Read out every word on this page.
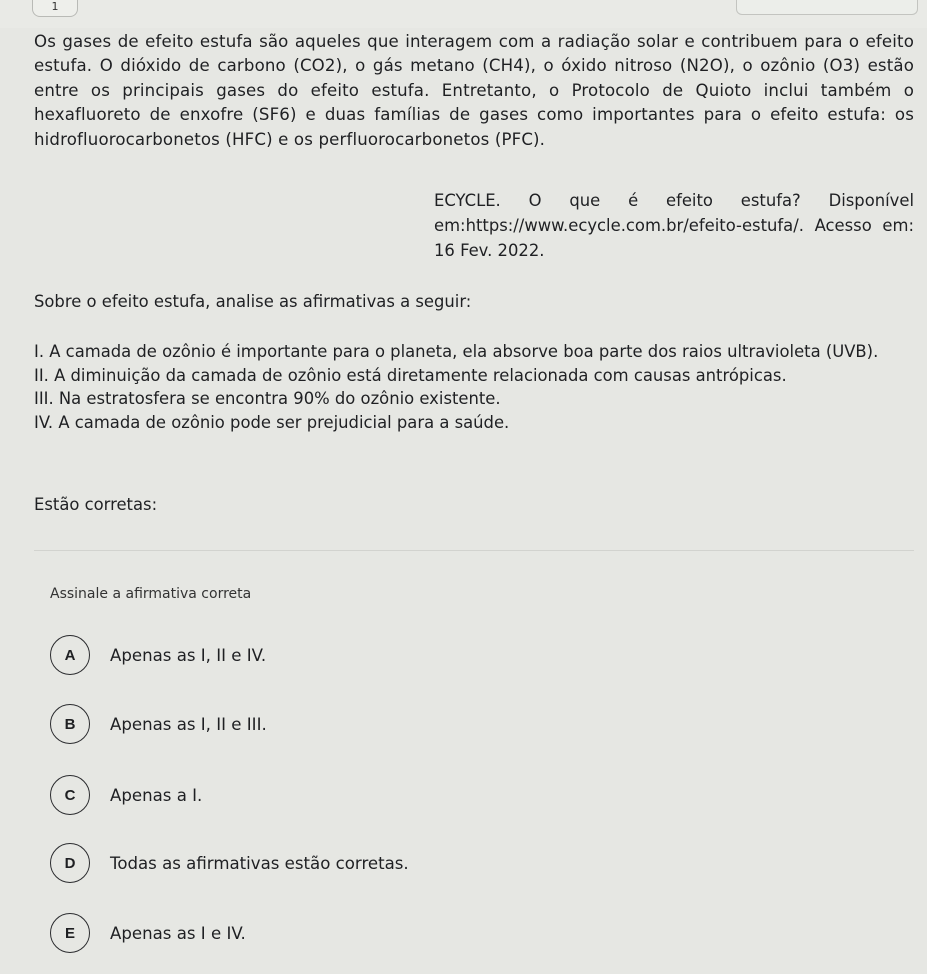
1
Os gases de efeito estufa são aqueles que interagem com a radiação solar e contribuem para o efeito estufa. O dióxido de carbono (CO2), o gás metano (CH4), o óxido nitroso (N2O), o ozônio (O3) estão entre os principais gases do efeito estufa. Entretanto, o Protocolo de Quioto inclui também o hexafluoreto de enxofre (SF6) e duas famílias de gases como importantes para o efeito estufa: os hidrofluorocarbonetos (HFC) e os perfluorocarbonetos (PFC).
ECYCLE. O que é efeito estufa? Disponível em:https://www.ecycle.com.br/efeito-estufa/. Acesso em: 16 Fev. 2022.
Sobre o efeito estufa, analise as afirmativas a seguir:

I. A camada de ozônio é importante para o planeta, ela absorve boa parte dos raios ultravioleta (UVB).

II. A diminuição da camada de ozônio está diretamente relacionada com causas antrópicas.

III. Na estratosfera se encontra 90% do ozônio existente.

IV. A camada de ozônio pode ser prejudicial para a saúde.

Estão corretas:
Assinale a afirmativa correta
A	Apenas as I, II e IV.
B	Apenas as I, II e III.
C	Apenas a I.
D	Todas as afirmativas estão corretas.
E	Apenas as I e IV.
